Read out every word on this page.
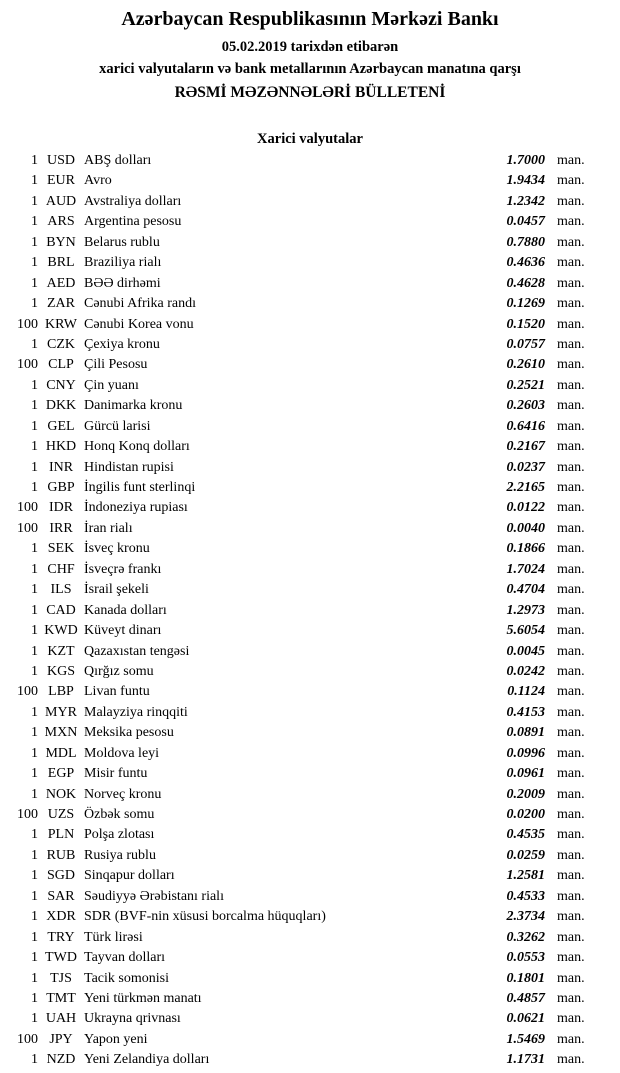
Azərbaycan Respublikasının Mərkəzi Bankı
05.02.2019 tarixdən etibarən
xarici valyutaların və bank metallarının Azərbaycan manatına qarşı
RƏSMİ MƏZƏNNƏLƏRİ BÜLLETENİ
Xarici valyutalar
1 USD ABŞ dolları	1.7000 man.
1 EUR Avro	1.9434 man.
1 AUD Avstraliya dolları	1.2342 man.
1 ARS Argentina pesosu	0.0457 man.
1 BYN Belarus rublu	0.7880 man.
1 BRL Braziliya rialı	0.4636 man.
1 AED BƏƏ dirhəmi	0.4628 man.
1 ZAR Cənubi Afrika randı	0.1269 man.
100 KRW Cənubi Korea vonu	0.1520 man.
1 CZK Çexiya kronu	0.0757 man.
100 CLP Çili Pesosu	0.2610 man.
1 CNY Çin yuanı	0.2521 man.
1 DKK Danimarka kronu	0.2603 man.
1 GEL Gürcü larisi	0.6416 man.
1 HKD Honq Konq dolları	0.2167 man.
1 INR Hindistan rupisi	0.0237 man.
1 GBP İngilis funt sterlinqi	2.2165 man.
100 IDR İndoneziya rupiası	0.0122 man.
100 IRR İran rialı	0.0040 man.
1 SEK İsveç kronu	0.1866 man.
1 CHF İsveçrə frankı	1.7024 man.
1 ILS İsrail şekeli	0.4704 man.
1 CAD Kanada dolları	1.2973 man.
1 KWD Küveyt dinarı	5.6054 man.
1 KZT Qazaxıstan tengəsi	0.0045 man.
1 KGS Qırğız somu	0.0242 man.
100 LBP Livan funtu	0.1124 man.
1 MYR Malayziya rinqqiti	0.4153 man.
1 MXN Meksika pesosu	0.0891 man.
1 MDL Moldova leyi	0.0996 man.
1 EGP Misir funtu	0.0961 man.
1 NOK Norveç kronu	0.2009 man.
100 UZS Özbək somu	0.0200 man.
1 PLN Polşa zlotası	0.4535 man.
1 RUB Rusiya rublu	0.0259 man.
1 SGD Sinqapur dolları	1.2581 man.
1 SAR Səudiyyə Ərəbistanı rialı	0.4533 man.
1 XDR SDR (BVF-nin xüsusi borcalma hüquqları)	2.3734 man.
1 TRY Türk lirəsi	0.3262 man.
1 TWD Tayvan dolları	0.0553 man.
1 TJS Tacik somonisi	0.1801 man.
1 TMT Yeni türkmən manatı	0.4857 man.
1 UAH Ukrayna qrivnası	0.0621 man.
100 JPY Yapon yeni	1.5469 man.
1 NZD Yeni Zelandiya dolları	1.1731 man.
